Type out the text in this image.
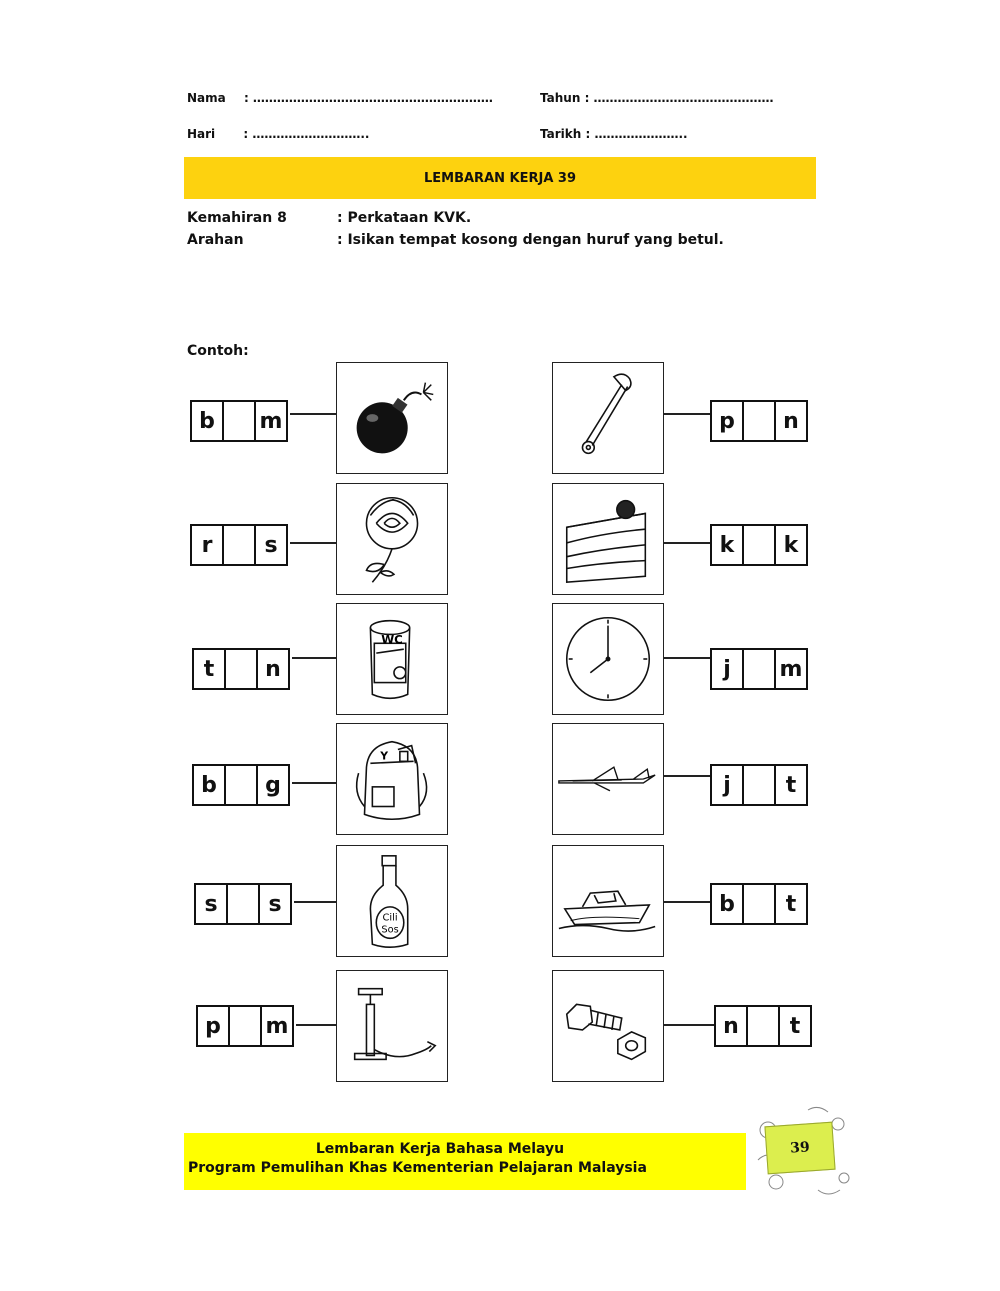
Nama : ……………………………………………………	Tahun : ………………………………………
Hari : ………………………..	Tarikh : …………………..
LEMBARAN KERJA 39
Kemahiran 8	: Perkataan KVK.
Arahan	: Isikan tempat kosong dengan huruf yang betul.
Contoh:
b	m
r	s
t	n
WC
b	g
Y
s	s
Cili
Sos
p	m
p	n
k	k
j	m
j	t
b	t
n	t
Lembaran Kerja Bahasa Melayu
Program Pemulihan Khas Kementerian Pelajaran Malaysia
39
